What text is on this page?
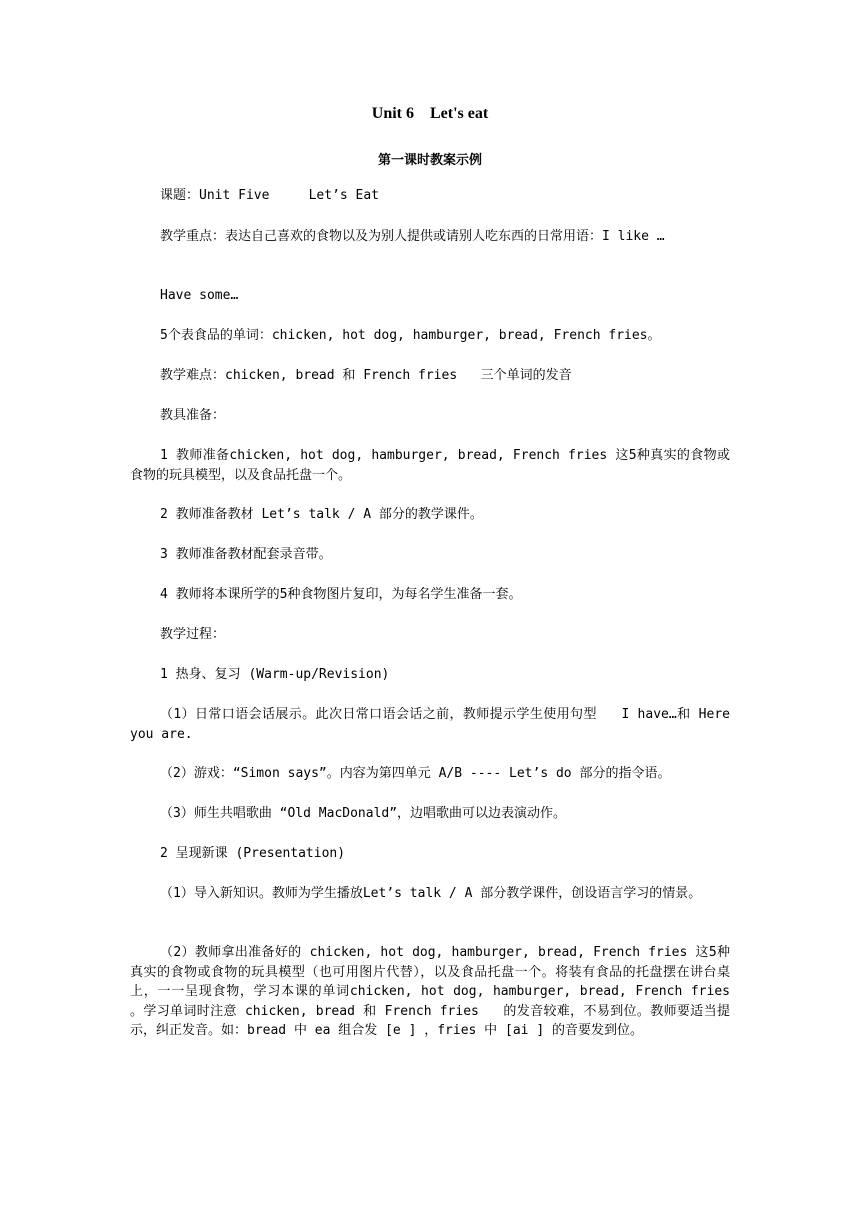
Unit 6    Let's eat
第一课时教案示例
课题：Unit Five     Let’s Eat
教学重点：表达自己喜欢的食物以及为别人提供或请别人吃东西的日常用语：I like …
Have some…
5个表食品的单词：chicken, hot dog, hamburger, bread, French fries。
教学难点：chicken, bread 和 French fries   三个单词的发音
教具准备：
1 教师准备chicken, hot dog, hamburger, bread, French fries 这5种真实的食物或食物的玩具模型，以及食品托盘一个。
2 教师准备教材 Let’s talk / A 部分的教学课件。
3 教师准备教材配套录音带。
4 教师将本课所学的5种食物图片复印，为每名学生准备一套。
教学过程：
1 热身、复习 (Warm-up/Revision)
（1）日常口语会话展示。此次日常口语会话之前，教师提示学生使用句型   I have…和 Here you are.
（2）游戏：“Simon says”。内容为第四单元 A/B ---- Let’s do 部分的指令语。
（3）师生共唱歌曲 “Old MacDonald”，边唱歌曲可以边表演动作。
2 呈现新课 (Presentation)
（1）导入新知识。教师为学生播放Let’s talk / A 部分教学课件，创设语言学习的情景。
（2）教师拿出准备好的 chicken, hot dog, hamburger, bread, French fries 这5种真实的食物或食物的玩具模型（也可用图片代替），以及食品托盘一个。将装有食品的托盘摆在讲台桌上，一一呈现食物，学习本课的单词chicken, hot dog, hamburger, bread, French fries 。学习单词时注意 chicken, bread 和 French fries   的发音较难，不易到位。教师要适当提示，纠正发音。如：bread 中 ea 组合发 [e ] ，fries 中 [ai ] 的音要发到位。
